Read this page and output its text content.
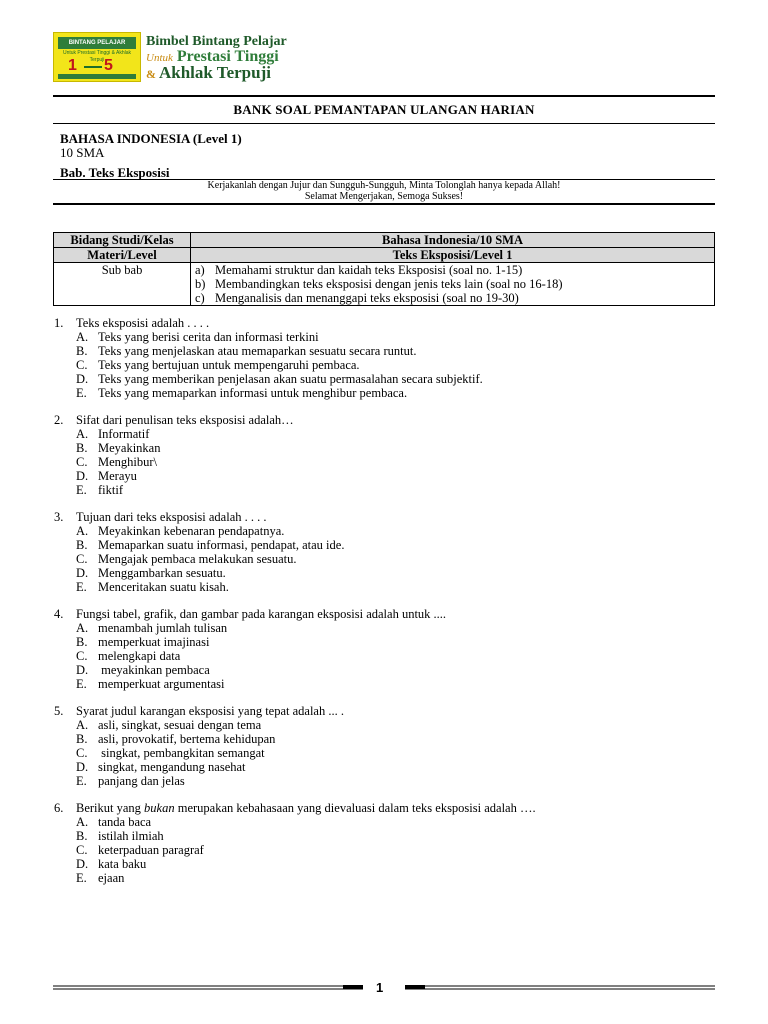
BINTANG PELAJAR
Untuk Prestasi Tinggi & Akhlak Terpuji
1 5
Bimbel Bintang Pelajar
Untuk Prestasi Tinggi
& Akhlak Terpuji
BANK SOAL PEMANTAPAN ULANGAN HARIAN
BAHASA INDONESIA (Level 1)
10 SMA
Bab. Teks Eksposisi
Kerjakanlah dengan Jujur dan Sungguh-Sungguh, Minta Tolonglah hanya kepada Allah!
Selamat Mengerjakan, Semoga Sukses!
Bidang Studi/Kelas	Bahasa Indonesia/10 SMA
Materi/Level	Teks Eksposisi/Level 1
Sub bab	a) Memahami struktur dan kaidah teks Eksposisi (soal no. 1-15)
b) Membandingkan teks eksposisi dengan jenis teks lain (soal no 16-18)
c) Menganalisis dan menanggapi teks eksposisi (soal no 19-30)
1.	Teks eksposisi adalah . . . .
A. Teks yang berisi cerita dan informasi terkini
B. Teks yang menjelaskan atau memaparkan sesuatu secara runtut.
C. Teks yang bertujuan untuk mempengaruhi pembaca.
D. Teks yang memberikan penjelasan akan suatu permasalahan secara subjektif.
E. Teks yang memaparkan informasi untuk menghibur pembaca.
2.	Sifat dari penulisan teks eksposisi adalah…
A. Informatif
B. Meyakinkan
C. Menghibur\
D. Merayu
E. fiktif
3.	Tujuan dari teks eksposisi adalah . . . .
A. Meyakinkan kebenaran pendapatnya.
B. Memaparkan suatu informasi, pendapat, atau ide.
C. Mengajak pembaca melakukan sesuatu.
D. Menggambarkan sesuatu.
E. Menceritakan suatu kisah.
4.	Fungsi tabel, grafik, dan gambar pada karangan eksposisi adalah untuk ....
A. menambah jumlah tulisan
B. memperkuat imajinasi
C. melengkapi data
D. meyakinkan pembaca
E. memperkuat argumentasi
5.	Syarat judul karangan eksposisi yang tepat adalah ... .
A. asli, singkat, sesuai dengan tema
B. asli, provokatif, bertema kehidupan
C. singkat, pembangkitan semangat
D. singkat, mengandung nasehat
E. panjang dan jelas
6.	Berikut yang bukan merupakan kebahasaan yang dievaluasi dalam teks eksposisi adalah ….
A. tanda baca
B. istilah ilmiah
C. keterpaduan paragraf
D. kata baku
E. ejaan
1
